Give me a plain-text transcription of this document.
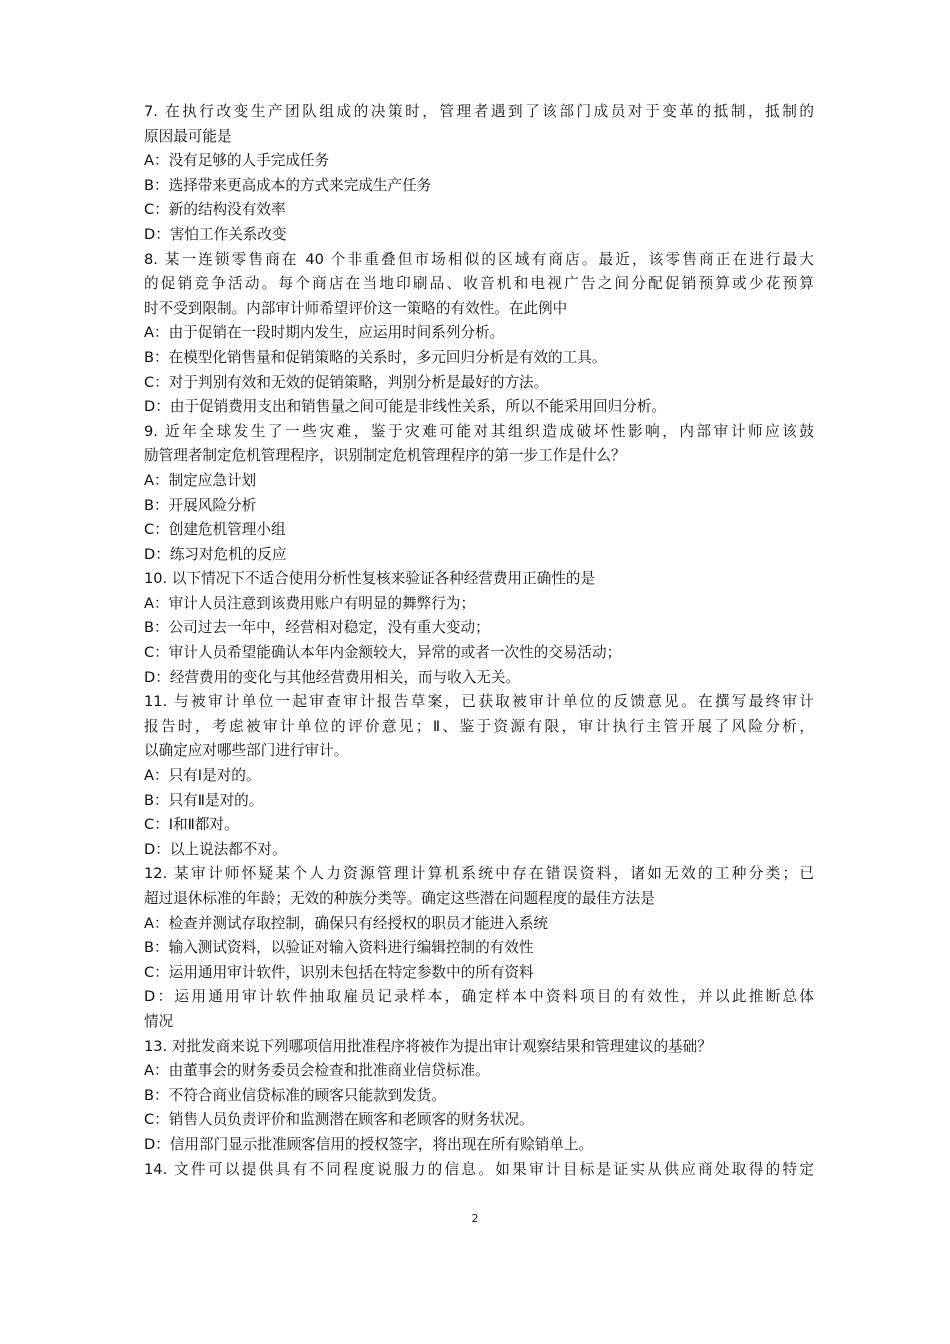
7. 在执行改变生产团队组成的决策时，管理者遇到了该部门成员对于变革的抵制，抵制的
原因最可能是
A：没有足够的人手完成任务
B：选择带来更高成本的方式来完成生产任务
C：新的结构没有效率
D：害怕工作关系改变
8. 某一连锁零售商在 40 个非重叠但市场相似的区域有商店。最近，该零售商正在进行最大
的促销竞争活动。每个商店在当地印刷品、收音机和电视广告之间分配促销预算或少花预算
时不受到限制。内部审计师希望评价这一策略的有效性。在此例中
A：由于促销在一段时期内发生，应运用时间系列分析。
B：在模型化销售量和促销策略的关系时，多元回归分析是有效的工具。
C：对于判别有效和无效的促销策略，判别分析是最好的方法。
D：由于促销费用支出和销售量之间可能是非线性关系，所以不能采用回归分析。
9. 近年全球发生了一些灾难，鉴于灾难可能对其组织造成破坏性影响，内部审计师应该鼓
励管理者制定危机管理程序，识别制定危机管理程序的第一步工作是什么？
A：制定应急计划
B：开展风险分析
C：创建危机管理小组
D：练习对危机的反应
10. 以下情况下不适合使用分析性复核来验证各种经营费用正确性的是
A：审计人员注意到该费用账户有明显的舞弊行为；
B：公司过去一年中，经营相对稳定，没有重大变动；
C：审计人员希望能确认本年内金额较大，异常的或者一次性的交易活动；
D：经营费用的变化与其他经营费用相关，而与收入无关。
11. 与被审计单位一起审查审计报告草案，已获取被审计单位的反馈意见。在撰写最终审计
报告时，考虑被审计单位的评价意见；Ⅱ、鉴于资源有限，审计执行主管开展了风险分析，
以确定应对哪些部门进行审计。
A：只有Ⅰ是对的。
B：只有Ⅱ是对的。
C：Ⅰ和Ⅱ都对。
D：以上说法都不对。
12. 某审计师怀疑某个人力资源管理计算机系统中存在错误资料，诸如无效的工种分类；已
超过退休标准的年龄；无效的种族分类等。确定这些潜在问题程度的最佳方法是
A：检查并测试存取控制，确保只有经授权的职员才能进入系统
B：输入测试资料，以验证对输入资料进行编辑控制的有效性
C：运用通用审计软件，识别未包括在特定参数中的所有资料
D：运用通用审计软件抽取雇员记录样本，确定样本中资料项目的有效性，并以此推断总体
情况
13. 对批发商来说下列哪项信用批准程序将被作为提出审计观察结果和管理建议的基础？
A：由董事会的财务委员会检查和批准商业信贷标准。
B：不符合商业信贷标准的顾客只能款到发货。
C：销售人员负责评价和监测潜在顾客和老顾客的财务状况。
D：信用部门显示批准顾客信用的授权签字，将出现在所有赊销单上。
14. 文件可以提供具有不同程度说服力的信息。如果审计目标是证实从供应商处取得的特定
2
